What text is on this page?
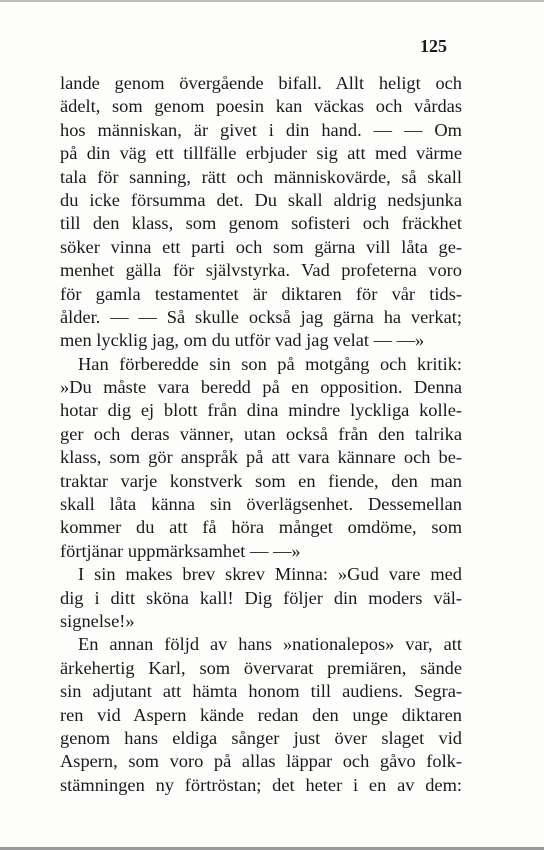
125
lande genom övergående bifall. Allt heligt och
ädelt, som genom poesin kan väckas och vårdas
hos människan, är givet i din hand. — — Om
på din väg ett tillfälle erbjuder sig att med värme
tala för sanning, rätt och människovärde, så skall
du icke försumma det. Du skall aldrig nedsjunka
till den klass, som genom sofisteri och fräckhet
söker vinna ett parti och som gärna vill låta ge-
menhet gälla för självstyrka. Vad profeterna voro
för gamla testamentet är diktaren för vår tids-
ålder. — — Så skulle också jag gärna ha verkat;
men lycklig jag, om du utför vad jag velat — —»
Han förberedde sin son på motgång och kritik:
»Du måste vara beredd på en opposition. Denna
hotar dig ej blott från dina mindre lyckliga kolle-
ger och deras vänner, utan också från den talrika
klass, som gör anspråk på att vara kännare och be-
traktar varje konstverk som en fiende, den man
skall låta känna sin överlägsenhet. Dessemellan
kommer du att få höra månget omdöme, som
förtjänar uppmärksamhet — —»
I sin makes brev skrev Minna: »Gud vare med
dig i ditt sköna kall! Dig följer din moders väl-
signelse!»
En annan följd av hans »nationalepos» var, att
ärkehertig Karl, som övervarat premiären, sände
sin adjutant att hämta honom till audiens. Segra-
ren vid Aspern kände redan den unge diktaren
genom hans eldiga sånger just över slaget vid
Aspern, som voro på allas läppar och gåvo folk-
stämningen ny förtröstan; det heter i en av dem:
